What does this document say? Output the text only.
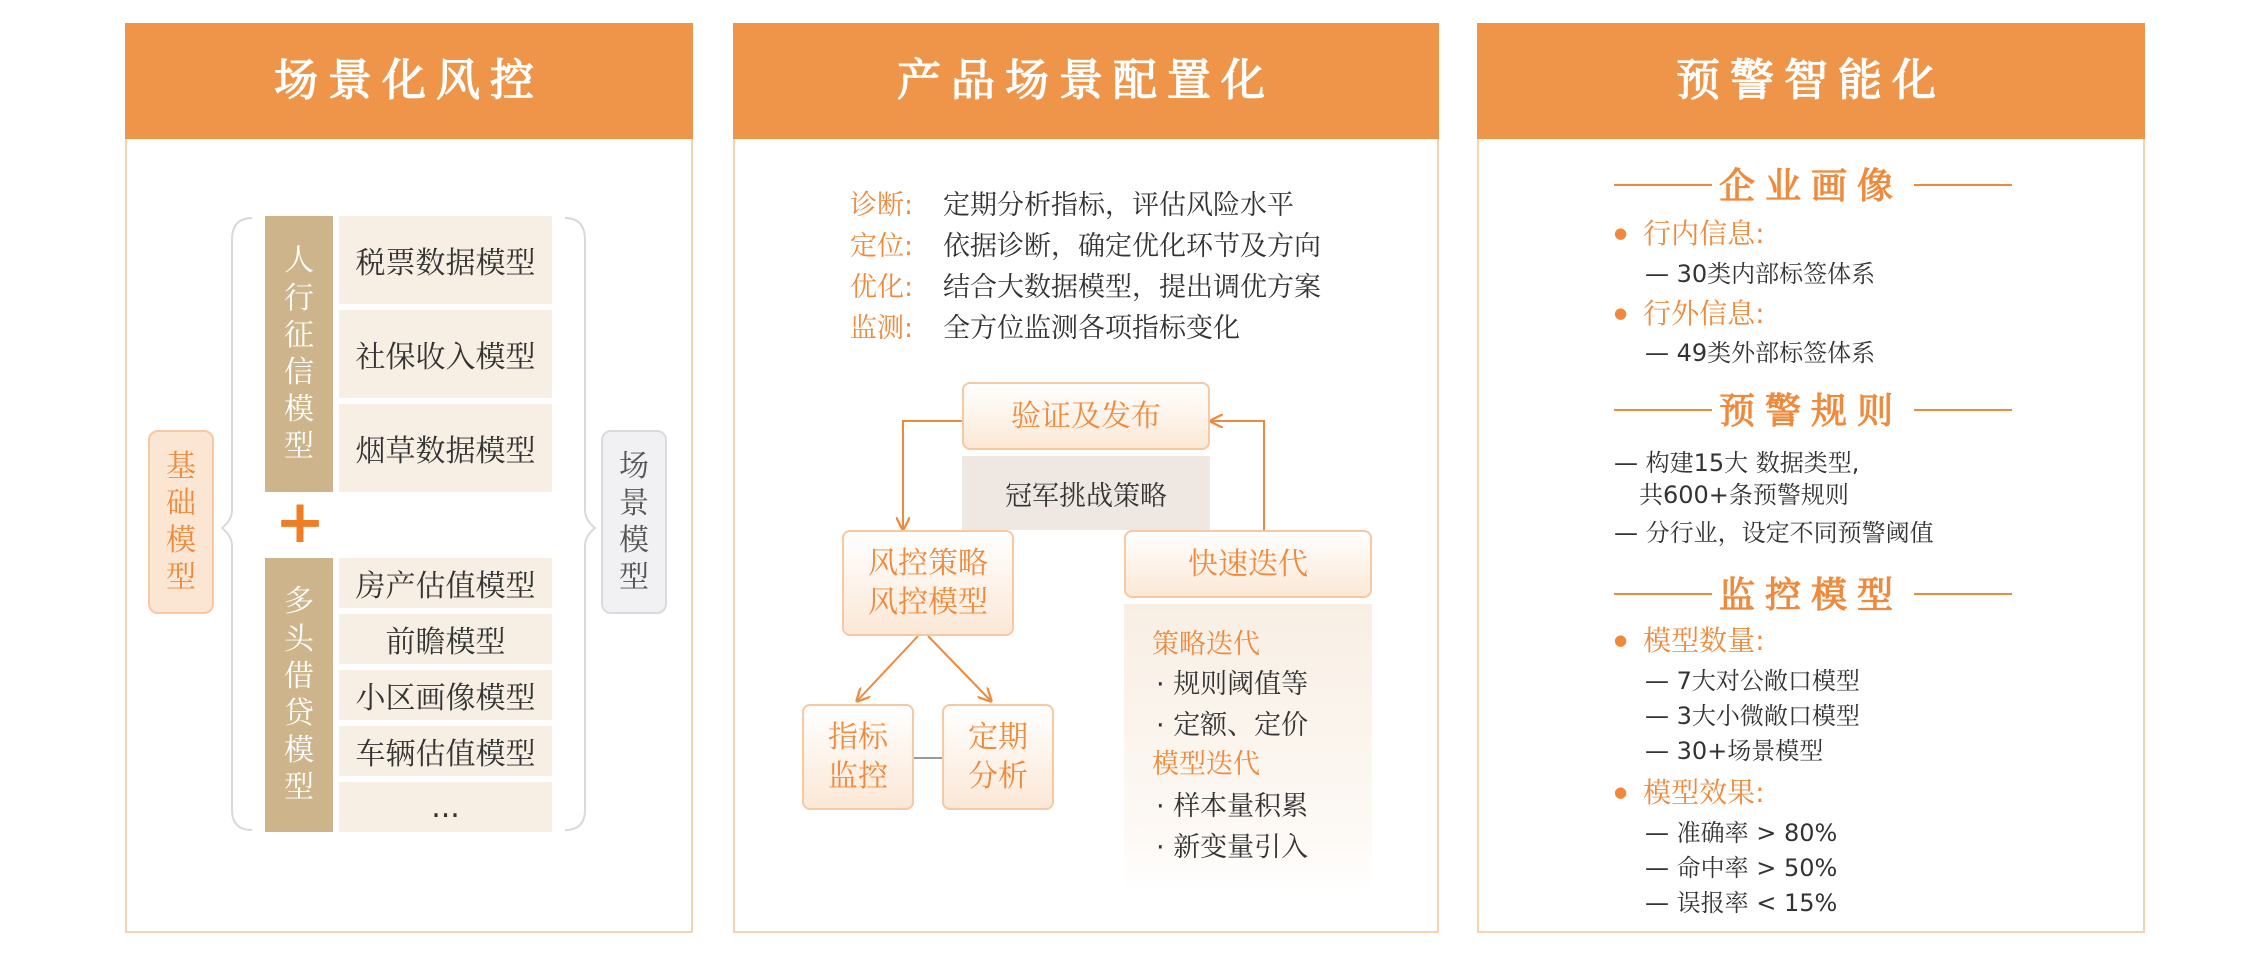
场景化风控
基
础
模
型
场
景
模
型
人
行
征
信
模
型
税票数据模型
社保收入模型
烟草数据模型
+
多
头
借
贷
模
型
房产估值模型
前瞻模型
小区画像模型
车辆估值模型
...
产品场景配置化
诊断: 定期分析指标，评估风险水平
定位: 依据诊断，确定优化环节及方向
优化: 结合大数据模型，提出调优方案
监测: 全方位监测各项指标变化
验证及发布
冠军挑战策略
风控策略
风控模型
快速迭代
策略迭代
· 规则阈值等
· 定额、定价
模型迭代
· 样本量积累
· 新变量引入
指标
监控
定期
分析
预警智能化
企业画像
● 行内信息:
— 30类内部标签体系
● 行外信息:
— 49类外部标签体系
预警规则
— 构建15大 数据类型,
共600+条预警规则
— 分行业，设定不同预警阈值
监控模型
● 模型数量:
— 7大对公敞口模型
— 3大小微敞口模型
— 30+场景模型
● 模型效果:
— 准确率 > 80%
— 命中率 > 50%
— 误报率 < 15%
